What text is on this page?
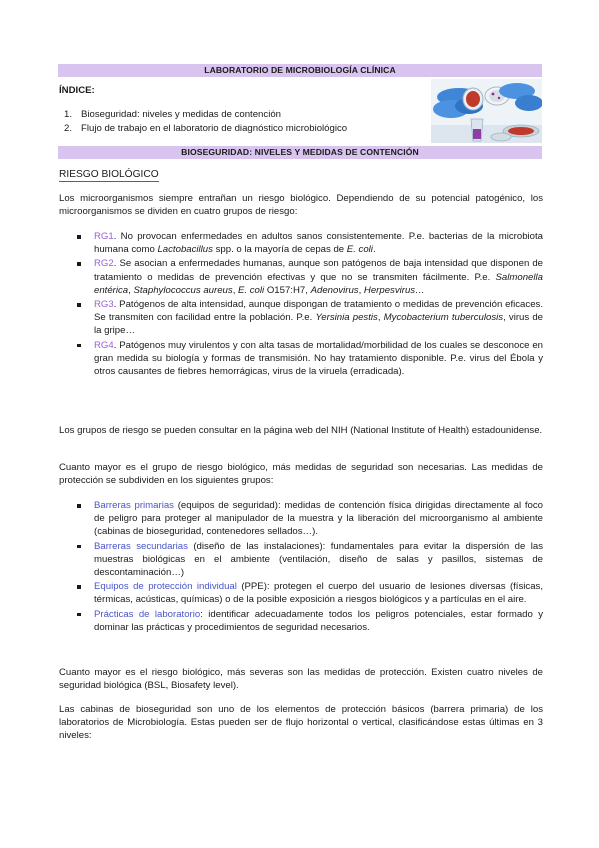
LABORATORIO DE MICROBIOLOGÍA CLÍNICA
ÍNDICE:
1. Bioseguridad: niveles y medidas de contención
2. Flujo de trabajo en el laboratorio de diagnóstico microbiológico
BIOSEGURIDAD: NIVELES Y MEDIDAS DE CONTENCIÓN
RIESGO BIOLÓGICO
Los microorganismos siempre entrañan un riesgo biológico. Dependiendo de su potencial patogénico, los microorganismos se dividen en cuatro grupos de riesgo:
RG1. No provocan enfermedades en adultos sanos consistentemente. P.e. bacterias de la microbiota humana como Lactobacillus spp. o la mayoría de cepas de E. coli.
RG2. Se asocian a enfermedades humanas, aunque son patógenos de baja intensidad que disponen de tratamiento o medidas de prevención efectivas y que no se transmiten fácilmente. P.e. Salmonella entérica, Staphylococcus aureus, E. coli O157:H7, Adenovirus, Herpesvirus…
RG3. Patógenos de alta intensidad, aunque dispongan de tratamiento o medidas de prevención eficaces. Se transmiten con facilidad entre la población. P.e. Yersinia pestis, Mycobacterium tuberculosis, virus de la gripe…
RG4. Patógenos muy virulentos y con alta tasas de mortalidad/morbilidad de los cuales se desconoce en gran medida su biología y formas de transmisión. No hay tratamiento disponible. P.e. virus del Ébola y otros causantes de fiebres hemorrágicas, virus de la viruela (erradicada).
Los grupos de riesgo se pueden consultar en la página web del NIH (National Institute of Health) estadounidense.
Cuanto mayor es el grupo de riesgo biológico, más medidas de seguridad son necesarias. Las medidas de protección se subdividen en los siguientes grupos:
Barreras primarias (equipos de seguridad): medidas de contención física dirigidas directamente al foco de peligro para proteger al manipulador de la muestra y la liberación del microorganismo al ambiente (cabinas de bioseguridad, contenedores sellados…).
Barreras secundarias (diseño de las instalaciones): fundamentales para evitar la dispersión de las muestras biológicas en el ambiente (ventilación, diseño de salas y pasillos, sistemas de descontaminación…)
Equipos de protección individual (PPE): protegen el cuerpo del usuario de lesiones diversas (físicas, térmicas, acústicas, químicas) o de la posible exposición a riesgos biológicos y a partículas en el aire.
Prácticas de laboratorio: identificar adecuadamente todos los peligros potenciales, estar formado y dominar las prácticas y procedimientos de seguridad necesarios.
Cuanto mayor es el riesgo biológico, más severas son las medidas de protección. Existen cuatro niveles de seguridad biológica (BSL, Biosafety level).
Las cabinas de bioseguridad son uno de los elementos de protección básicos (barrera primaria) de los laboratorios de Microbiología. Estas pueden ser de flujo horizontal o vertical, clasificándose estas últimas en 3 niveles:
